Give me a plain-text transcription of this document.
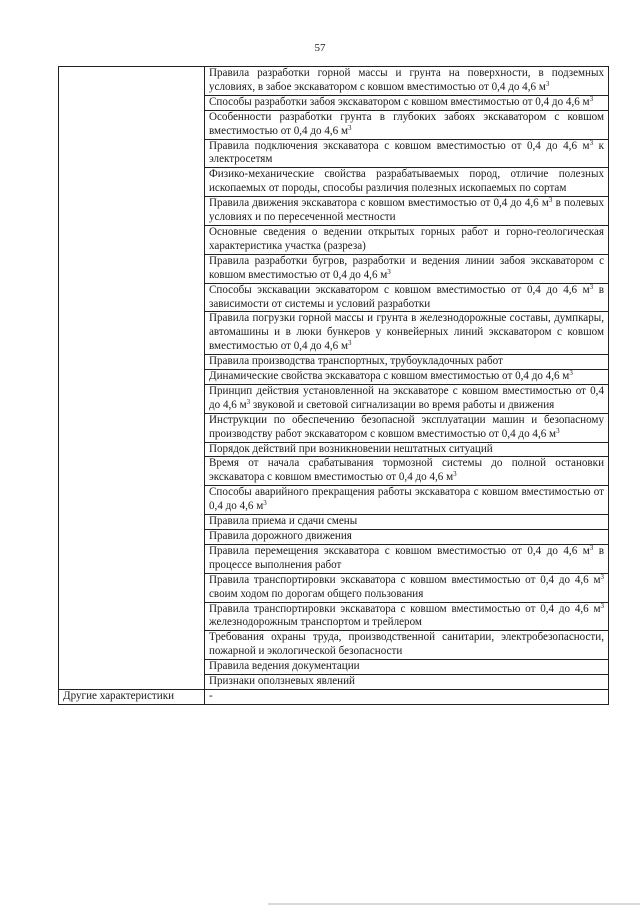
57
	Правила разработки горной массы и грунта на поверхности, в подземных условиях, в забое экскаватором с ковшом вместимостью от 0,4 до 4,6 $м^3$
	Способы разработки забоя экскаватором с ковшом вместимостью от 0,4 до 4,6 $м^3$
	Особенности разработки грунта в глубоких забоях экскаватором с ковшом вместимостью от 0,4 до 4,6 $м^3$
	Правила подключения экскаватора с ковшом вместимостью от 0,4 до 4,6 $м^3$ к электросетям
	Физико-механические свойства разрабатываемых пород, отличие полезных ископаемых от породы, способы различия полезных ископаемых по сортам
	Правила движения экскаватора с ковшом вместимостью от 0,4 до 4,6 $м^3$ в полевых условиях и по пересеченной местности
	Основные сведения о ведении открытых горных работ и горно-геологическая характеристика участка (разреза)
	Правила разработки бугров, разработки и ведения линии забоя экскаватором с ковшом вместимостью от 0,4 до 4,6 $м^3$
	Способы экскавации экскаватором с ковшом вместимостью от 0,4 до 4,6 $м^3$ в зависимости от системы и условий разработки
	Правила погрузки горной массы и грунта в железнодорожные составы, думпкары, автомашины и в люки бункеров у конвейерных линий экскаватором с ковшом вместимостью от 0,4 до 4,6 $м^3$
	Правила производства транспортных, трубоукладочных работ
	Динамические свойства экскаватора с ковшом вместимостью от 0,4 до 4,6 $м^3$
	Принцип действия установленной на экскаваторе с ковшом вместимостью от 0,4 до 4,6 $м^3$ звуковой и световой сигнализации во время работы и движения
	Инструкции по обеспечению безопасной эксплуатации машин и безопасному производству работ экскаватором с ковшом вместимостью от 0,4 до 4,6 $м^3$
	Порядок действий при возникновении нештатных ситуаций
	Время от начала срабатывания тормозной системы до полной остановки экскаватора с ковшом вместимостью от 0,4 до 4,6 $м^3$
	Способы аварийного прекращения работы экскаватора с ковшом вместимостью от 0,4 до 4,6 $м^3$
	Правила приема и сдачи смены
	Правила дорожного движения
	Правила перемещения экскаватора с ковшом вместимостью от 0,4 до 4,6 $м^3$ в процессе выполнения работ
	Правила транспортировки экскаватора с ковшом вместимостью от 0,4 до 4,6 $м^3$ своим ходом по дорогам общего пользования
	Правила транспортировки экскаватора с ковшом вместимостью от 0,4 до 4,6 $м^3$ железнодорожным транспортом и трейлером
	Требования охраны труда, производственной санитарии, электробезопасности, пожарной и экологической безопасности
	Правила ведения документации
	Признаки оползневых явлений
Другие характеристики	-
